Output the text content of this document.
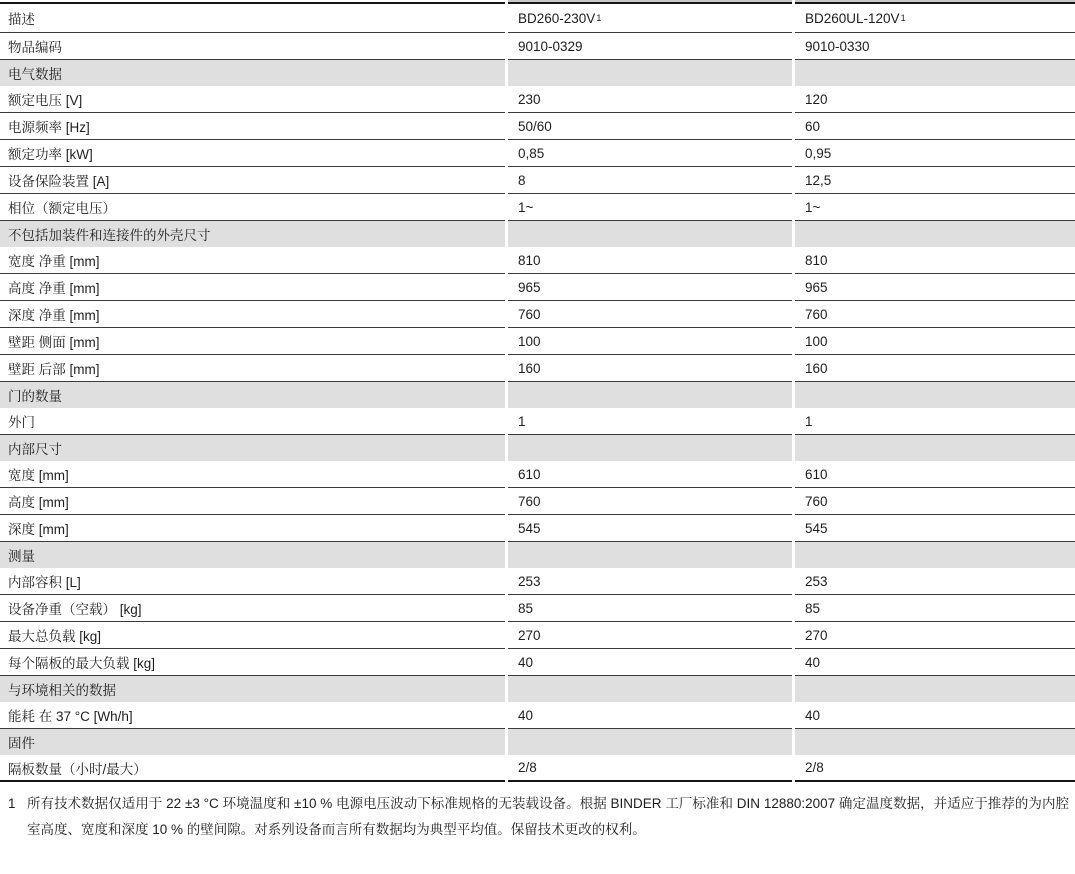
描述	BD260-230V 1	BD260UL-120V 1
物品编码	9010-0329	9010-0330
电气数据
额定电压 [V]	230	120
电源频率 [Hz]	50/60	60
额定功率 [kW]	0,85	0,95
设备保险装置 [A]	8	12,5
相位（额定电压）	1~	1~
不包括加装件和连接件的外壳尺寸
宽度 净重 [mm]	810	810
高度 净重 [mm]	965	965
深度 净重 [mm]	760	760
壁距 侧面 [mm]	100	100
壁距 后部 [mm]	160	160
门的数量
外门	1	1
内部尺寸
宽度 [mm]	610	610
高度 [mm]	760	760
深度 [mm]	545	545
测量
内部容积 [L]	253	253
设备净重（空载） [kg]	85	85
最大总负载 [kg]	270	270
每个隔板的最大负载 [kg]	40	40
与环境相关的数据
能耗 在 37 °C [Wh/h]	40	40
固件
隔板数量（小时/最大）	2/8	2/8
1 所有技术数据仅适用于 22 ±3 °C 环境温度和 ±10 % 电源电压波动下标准规格的无装载设备。根据 BINDER 工厂标准和 DIN 12880:2007 确定温度数据，并适应于推荐的为内腔室高度、宽度和深度 10 % 的壁间隙。对系列设备而言所有数据均为典型平均值。保留技术更改的权利。
